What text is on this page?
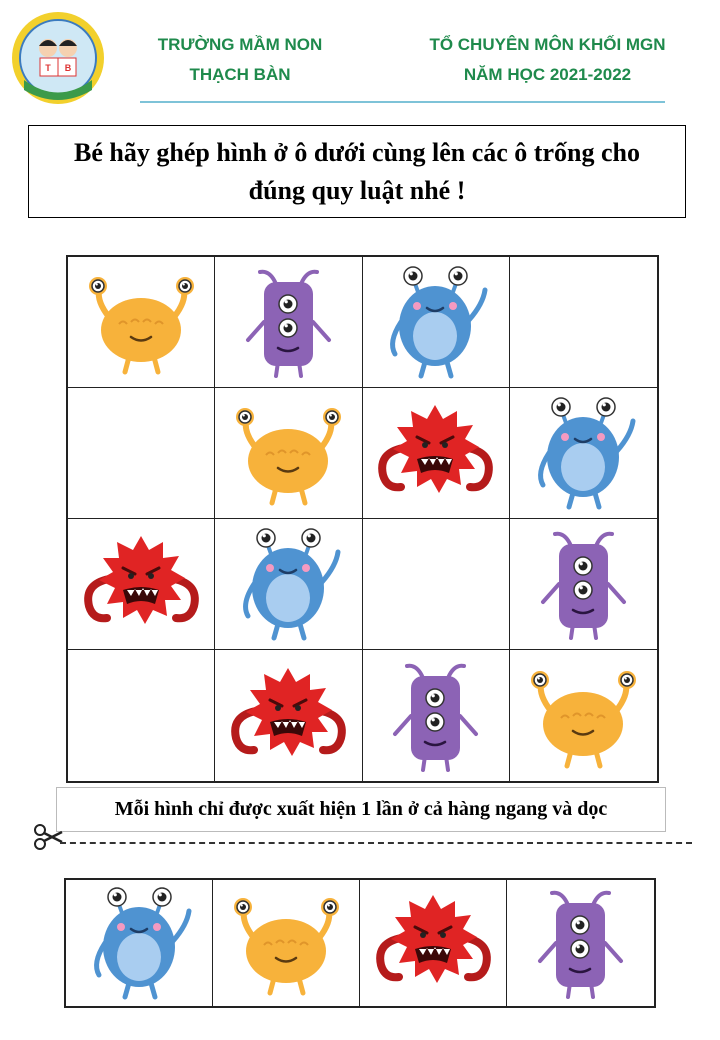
T B
TRƯỜNG MẦM NON
THẠCH BÀN
TỔ CHUYÊN MÔN KHỐI MGN
NĂM HỌC 2021-2022
Bé hãy ghép hình ở ô dưới cùng lên các ô trống cho đúng quy luật nhé !
Mỗi hình chỉ được xuất hiện 1 lần ở cả hàng ngang và dọc
